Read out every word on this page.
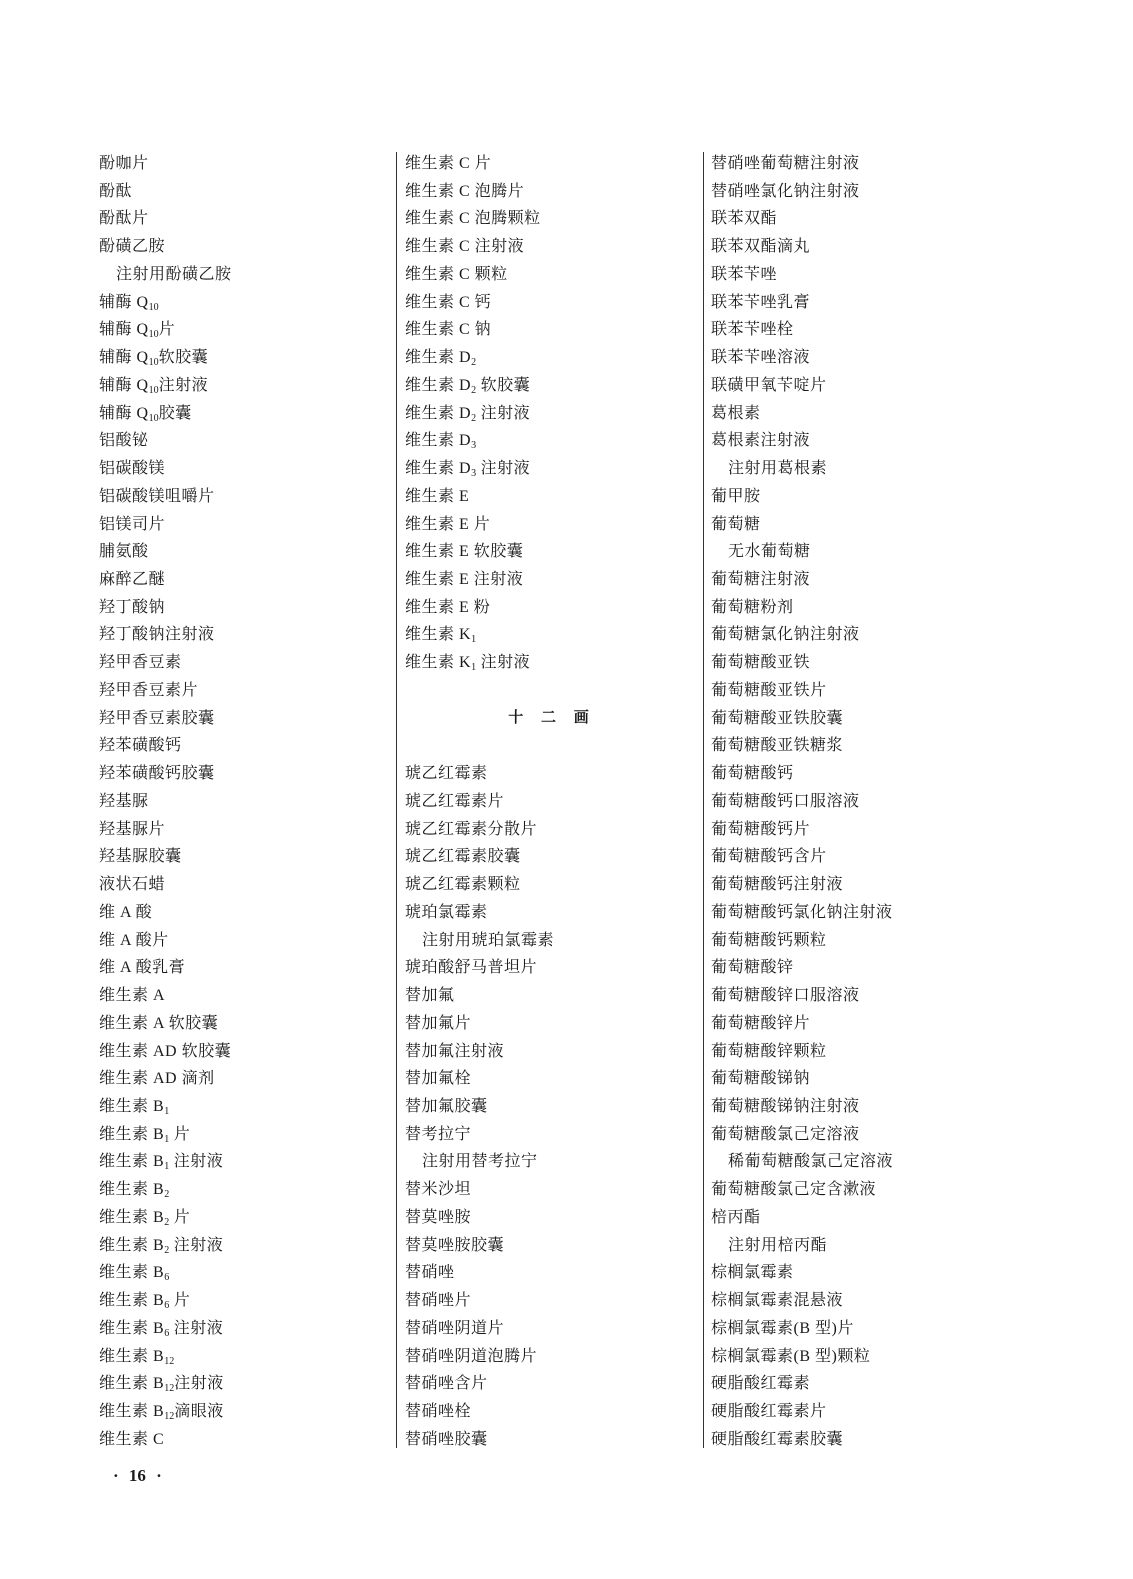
酚咖片
酚酞
酚酞片
酚磺乙胺
注射用酚磺乙胺
辅酶 $Q_{10}$
辅酶 $Q_{10}$片
辅酶 $Q_{10}$软胶囊
辅酶 $Q_{10}$注射液
辅酶 $Q_{10}$胶囊
铝酸铋
铝碳酸镁
铝碳酸镁咀嚼片
铝镁司片
脯氨酸
麻醉乙醚
羟丁酸钠
羟丁酸钠注射液
羟甲香豆素
羟甲香豆素片
羟甲香豆素胶囊
羟苯磺酸钙
羟苯磺酸钙胶囊
羟基脲
羟基脲片
羟基脲胶囊
液状石蜡
维 A 酸
维 A 酸片
维 A 酸乳膏
维生素 A
维生素 A 软胶囊
维生素 AD 软胶囊
维生素 AD 滴剂
维生素 $B_1$
维生素 $B_1$ 片
维生素 $B_1$ 注射液
维生素 $B_2$
维生素 $B_2$ 片
维生素 $B_2$ 注射液
维生素 $B_6$
维生素 $B_6$ 片
维生素 $B_6$ 注射液
维生素 $B_{12}$
维生素 $B_{12}$注射液
维生素 $B_{12}$滴眼液
维生素 C
维生素 C 片
维生素 C 泡腾片
维生素 C 泡腾颗粒
维生素 C 注射液
维生素 C 颗粒
维生素 C 钙
维生素 C 钠
维生素 $D_2$
维生素 $D_2$ 软胶囊
维生素 $D_2$ 注射液
维生素 $D_3$
维生素 $D_3$ 注射液
维生素 E
维生素 E 片
维生素 E 软胶囊
维生素 E 注射液
维生素 E 粉
维生素 $K_1$
维生素 $K_1$ 注射液
十 二 画
琥乙红霉素
琥乙红霉素片
琥乙红霉素分散片
琥乙红霉素胶囊
琥乙红霉素颗粒
琥珀氯霉素
注射用琥珀氯霉素
琥珀酸舒马普坦片
替加氟
替加氟片
替加氟注射液
替加氟栓
替加氟胶囊
替考拉宁
注射用替考拉宁
替米沙坦
替莫唑胺
替莫唑胺胶囊
替硝唑
替硝唑片
替硝唑阴道片
替硝唑阴道泡腾片
替硝唑含片
替硝唑栓
替硝唑胶囊
替硝唑葡萄糖注射液
替硝唑氯化钠注射液
联苯双酯
联苯双酯滴丸
联苯苄唑
联苯苄唑乳膏
联苯苄唑栓
联苯苄唑溶液
联磺甲氧苄啶片
葛根素
葛根素注射液
注射用葛根素
葡甲胺
葡萄糖
无水葡萄糖
葡萄糖注射液
葡萄糖粉剂
葡萄糖氯化钠注射液
葡萄糖酸亚铁
葡萄糖酸亚铁片
葡萄糖酸亚铁胶囊
葡萄糖酸亚铁糖浆
葡萄糖酸钙
葡萄糖酸钙口服溶液
葡萄糖酸钙片
葡萄糖酸钙含片
葡萄糖酸钙注射液
葡萄糖酸钙氯化钠注射液
葡萄糖酸钙颗粒
葡萄糖酸锌
葡萄糖酸锌口服溶液
葡萄糖酸锌片
葡萄糖酸锌颗粒
葡萄糖酸锑钠
葡萄糖酸锑钠注射液
葡萄糖酸氯己定溶液
稀葡萄糖酸氯己定溶液
葡萄糖酸氯己定含漱液
棓丙酯
注射用棓丙酯
棕榈氯霉素
棕榈氯霉素混悬液
棕榈氯霉素(B 型)片
棕榈氯霉素(B 型)颗粒
硬脂酸红霉素
硬脂酸红霉素片
硬脂酸红霉素胶囊
· 16 ·
